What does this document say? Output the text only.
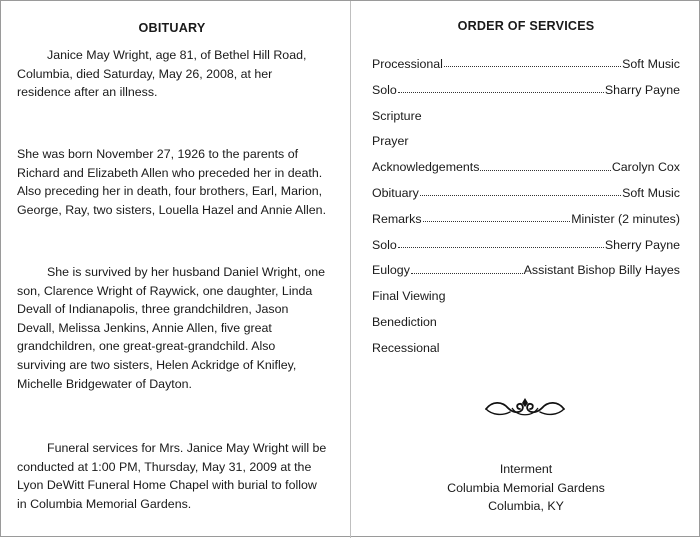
OBITUARY

Janice May Wright, age 81, of Bethel Hill Road, Columbia, died Saturday, May 26, 2008, at her residence after an illness.

She was born November 27, 1926 to the parents of Richard and Elizabeth Allen who preceded her in death. Also preceding her in death, four brothers, Earl, Marion, George, Ray, two sisters, Louella Hazel and Annie Allen.

She is survived by her husband Daniel Wright, one son, Clarence Wright of Raywick, one daughter, Linda Devall of Indianapolis, three grandchildren, Jason Devall, Melissa Jenkins, Annie Allen, five great grandchildren, one great-great-grandchild. Also surviving are two sisters, Helen Ackridge of Knifley, Michelle Bridgewater of Dayton.

Funeral services for Mrs. Janice May Wright will be conducted at 1:00 PM, Thursday, May 31, 2009 at the Lyon DeWitt Funeral Home Chapel with burial to follow in Columbia Memorial Gardens.

ORDER OF SERVICES
Processional	Soft Music
Solo	Sharry Payne
Scripture
Prayer
Acknowledgements	Carolyn Cox
Obituary	Soft Music
Remarks	Minister (2 minutes)
Solo	Sherry Payne
Eulogy	Assistant Bishop Billy Hayes
Final Viewing
Benediction
Recessional
Interment
Columbia Memorial Gardens
Columbia, KY
